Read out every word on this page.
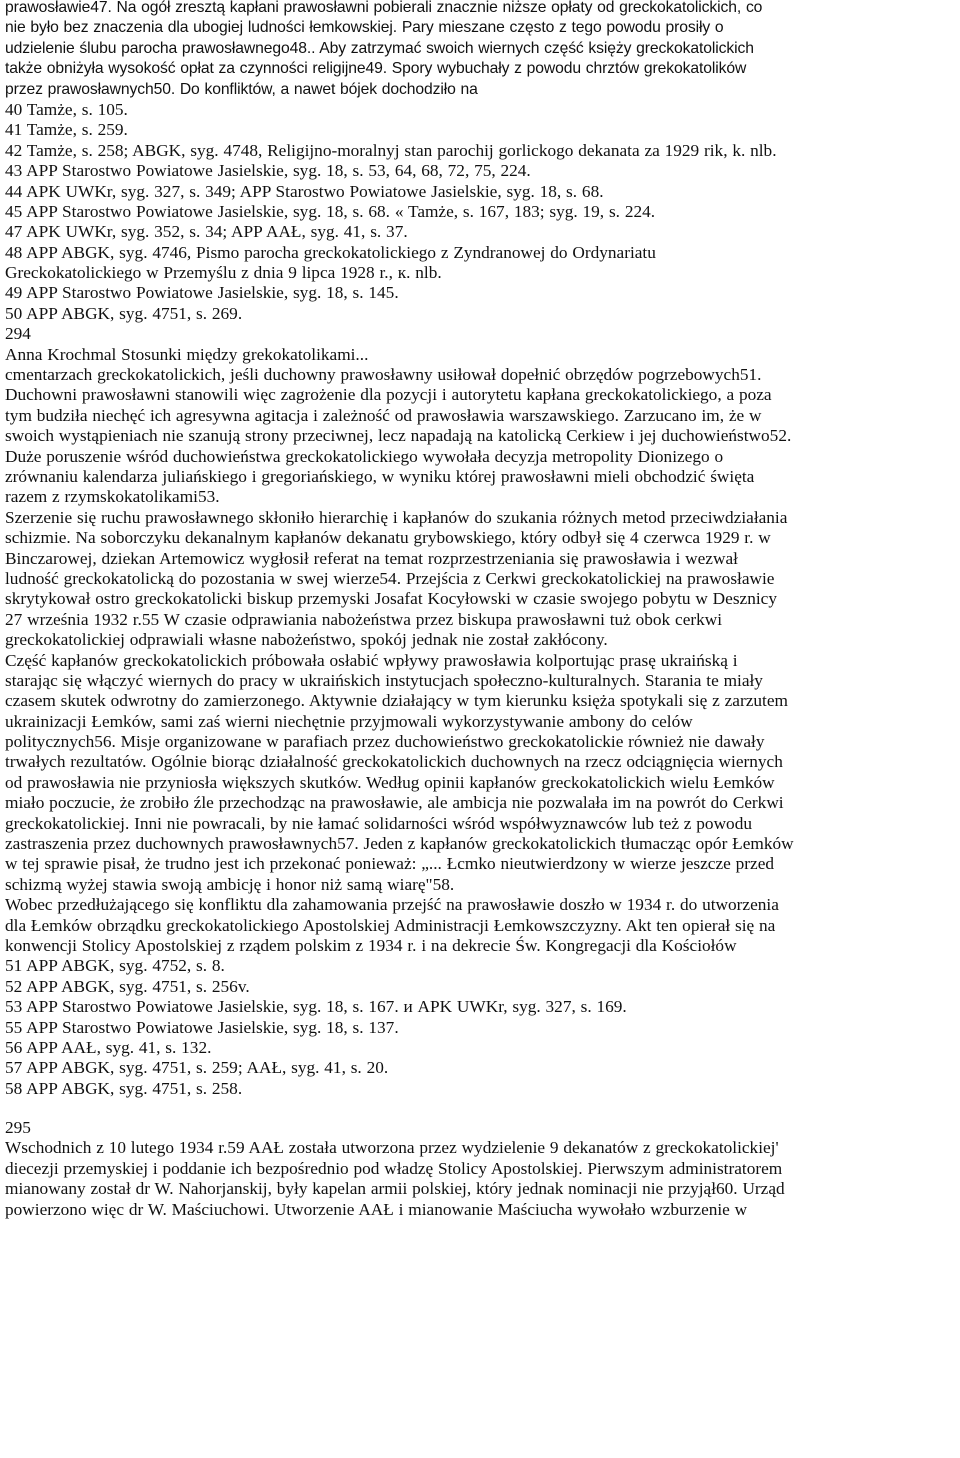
prawosławie47. Na ogół zresztą kapłani prawosławni pobierali znacznie niższe opłaty od greckokatolickich, co
nie było bez znaczenia dla ubogiej ludności łemkowskiej. Pary mieszane często z tego powodu prosiły o
udzielenie ślubu parocha prawosławnego48.. Aby zatrzymać swoich wiernych część księży greckokatolickich
także obniżyła wysokość opłat za czynności religijne49. Spory wybuchały z powodu chrztów grekokatolików
przez prawosławnych50. Do konfliktów, a nawet bójek dochodziło na
40 Tamże, s. 105.
41 Tamże, s. 259.
42 Tamże, s. 258; ABGK, syg. 4748, Religijno-moralnyj stan parochij gorlickogo dekanata za 1929 rik, k. nlb.
43 APP Starostwo Powiatowe Jasielskie, syg. 18, s. 53, 64, 68, 72, 75, 224.
44 APK UWKr, syg. 327, s. 349; APP Starostwo Powiatowe Jasielskie, syg. 18, s. 68.
45 APP Starostwo Powiatowe Jasielskie, syg. 18, s. 68. « Tamże, s. 167, 183; syg. 19, s. 224.
47 APK UWKr, syg. 352, s. 34; APP AAŁ, syg. 41, s. 37.
48 APP ABGK, syg. 4746, Pismo parocha greckokatolickiego z Zyndranowej do Ordynariatu
Greckokatolickiego w Przemyślu z dnia 9 lipca 1928 r., к. nlb.
49 APP Starostwo Powiatowe Jasielskie, syg. 18, s. 145.
50 APP ABGK, syg. 4751, s. 269.
294
Anna Krochmal Stosunki między grekokatolikami...
cmentarzach greckokatolickich, jeśli duchowny prawosławny usiłował dopełnić obrzędów pogrzebowych51.
Duchowni prawosławni stanowili więc zagrożenie dla pozycji i autorytetu kapłana greckokatolickiego, a poza
tym budziła niechęć ich agresywna agitacja i zależność od prawosławia warszawskiego. Zarzucano im, że w
swoich wystąpieniach nie szanują strony przeciwnej, lecz napadają na katolicką Cerkiew i jej duchowieństwo52.
Duże poruszenie wśród duchowieństwa greckokatolickiego wywołała decyzja metropolity Dionizego o
zrównaniu kalendarza juliańskiego i gregoriańskiego, w wyniku której prawosławni mieli obchodzić święta
razem z rzymskokatolikami53.
Szerzenie się ruchu prawosławnego skłoniło hierarchię i kapłanów do szukania różnych metod przeciwdziałania
schizmie. Na soborczyku dekanalnym kapłanów dekanatu grybowskiego, który odbył się 4 czerwca 1929 r. w
Binczarowej, dziekan Artemowicz wygłosił referat na temat rozprzestrzeniania się prawosławia i wezwał
ludność greckokatolicką do pozostania w swej wierze54. Przejścia z Cerkwi greckokatolickiej na prawosławie
skrytykował ostro greckokatolicki biskup przemyski Josafat Kocyłowski w czasie swojego pobytu w Desznicy
27 września 1932 r.55 W czasie odprawiania nabożeństwa przez biskupa prawosławni tuż obok cerkwi
greckokatolickiej odprawiali własne nabożeństwo, spokój jednak nie został zakłócony.
Część kapłanów greckokatolickich próbowała osłabić wpływy prawosławia kolportując prasę ukraińską i
starając się włączyć wiernych do pracy w ukraińskich instytucjach społeczno-kulturalnych. Starania te miały
czasem skutek odwrotny do zamierzonego. Aktywnie działający w tym kierunku księża spotykali się z zarzutem
ukrainizacji Łemków, sami zaś wierni niechętnie przyjmowali wykorzystywanie ambony do celów
politycznych56. Misje organizowane w parafiach przez duchowieństwo greckokatolickie również nie dawały
trwałych rezultatów. Ogólnie biorąc działalność greckokatolickich duchownych na rzecz odciągnięcia wiernych
od prawosławia nie przyniosła większych skutków. Według opinii kapłanów greckokatolickich wielu Łemków
miało poczucie, że zrobiło źle przechodząc na prawosławie, ale ambicja nie pozwalała im na powrót do Cerkwi
greckokatolickiej. Inni nie powracali, by nie łamać solidarności wśród współwyznawców lub też z powodu
zastraszenia przez duchownych prawosławnych57. Jeden z kapłanów greckokatolickich tłumacząc opór Łemków
w tej sprawie pisał, że trudno jest ich przekonać ponieważ: „... Łcmko nieutwierdzony w wierze jeszcze przed
schizmą wyżej stawia swoją ambicję i honor niż samą wiarę"58.
Wobec przedłużającego się konfliktu dla zahamowania przejść na prawosławie doszło w 1934 r. do utworzenia
dla Łemków obrządku greckokatolickiego Apostolskiej Administracji Łemkowszczyzny. Akt ten opierał się na
konwencji Stolicy Apostolskiej z rządem polskim z 1934 r. i na dekrecie Św. Kongregacji dla Kościołów
51 APP ABGK, syg. 4752, s. 8.
52 APP ABGK, syg. 4751, s. 256v.
53 APP Starostwo Powiatowe Jasielskie, syg. 18, s. 167. и APK UWKr, syg. 327, s. 169.
55 APP Starostwo Powiatowe Jasielskie, syg. 18, s. 137.
56 APP AAŁ, syg. 41, s. 132.
57 APP ABGK, syg. 4751, s. 259; AAŁ, syg. 41, s. 20.
58 APP ABGK, syg. 4751, s. 258.
295
Wschodnich z 10 lutego 1934 r.59 AAŁ została utworzona przez wydzielenie 9 dekanatów z greckokatolickiej'
diecezji przemyskiej i poddanie ich bezpośrednio pod władzę Stolicy Apostolskiej. Pierwszym administratorem
mianowany został dr W. Nahorjanskij, były kapelan armii polskiej, który jednak nominacji nie przyjął60. Urząd
powierzono więc dr W. Maściuchowi. Utworzenie AAŁ i mianowanie Maściucha wywołało wzburzenie w
